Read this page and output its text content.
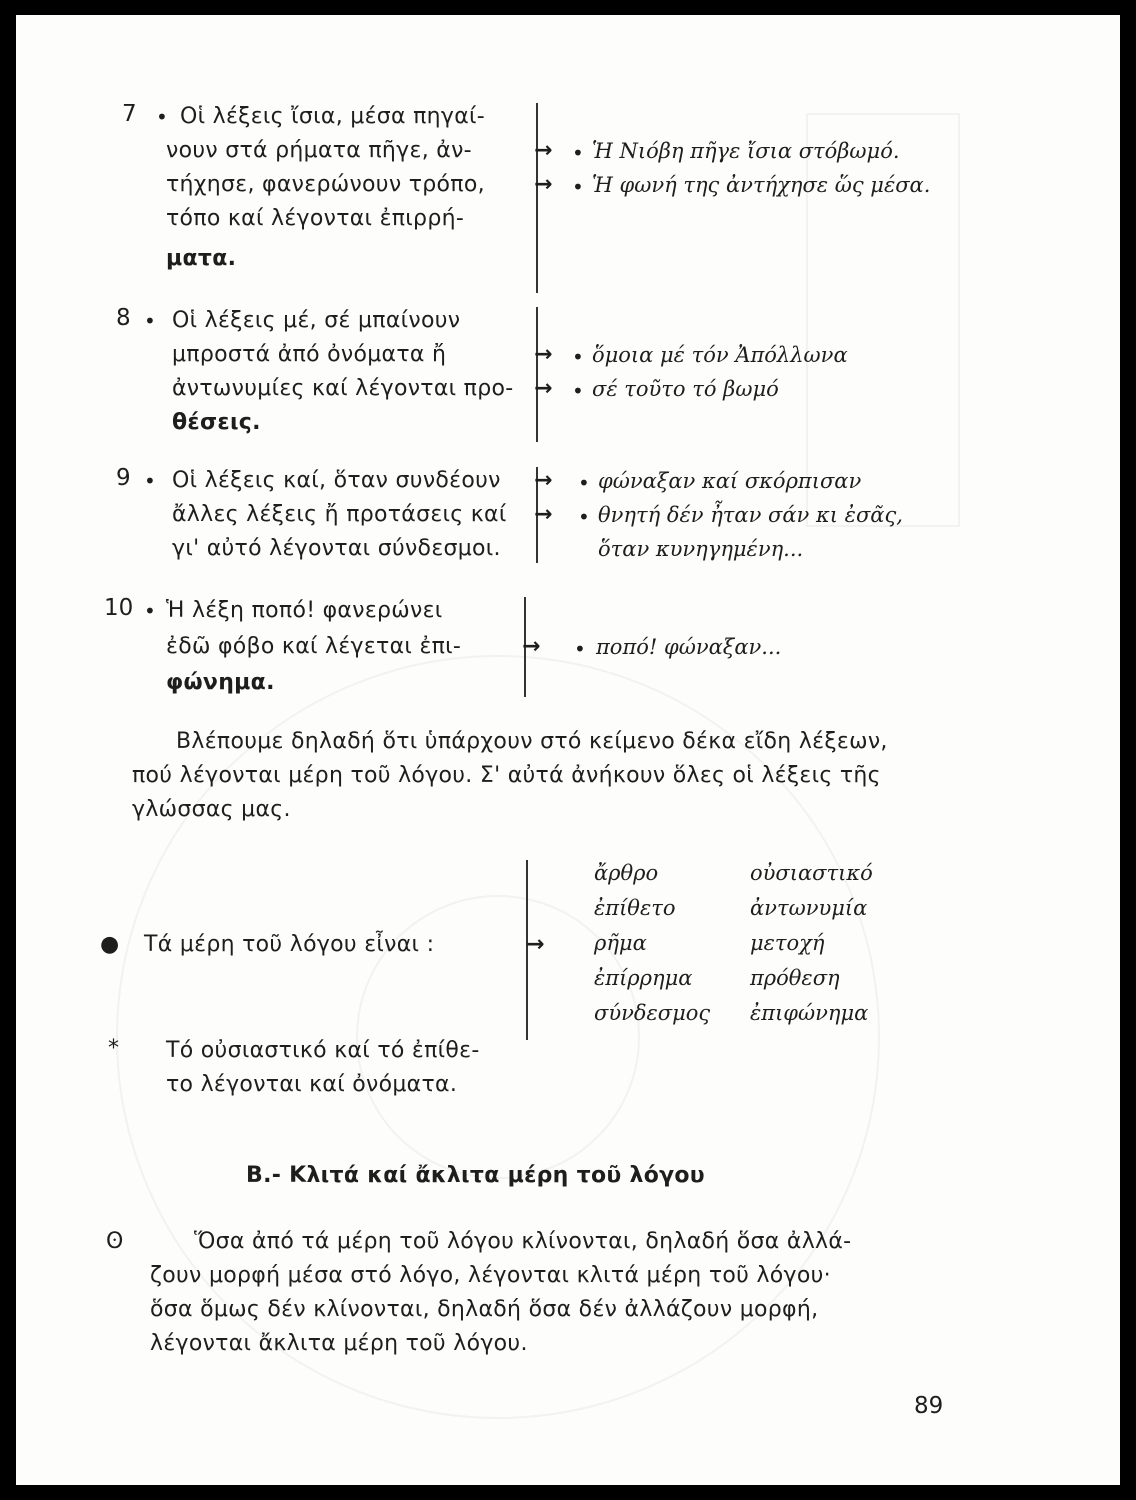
7 • Οἱ λέξεις ἴσια, μέσα πηγαί-
νουν στά ρήματα πῆγε, ἀν-
τήχησε, φανερώνουν τρόπο,
τόπο καί λέγονται ἐπιρρή-
ματα.
→ • Ἡ Νιόβη πῆγε ἴσια στόβωμό.
→ • Ἡ φωνή της ἀντήχησε ὥς μέσα.
8 • Οἱ λέξεις μέ, σέ μπαίνουν
μπροστά ἀπό ὀνόματα ἤ
ἀντωνυμίες καί λέγονται προ-
θέσεις.
→ • ὅμοια μέ τόν Ἀπόλλωνα
→ • σέ τοῦτο τό βωμό
9 • Οἱ λέξεις καί, ὅταν συνδέουν
ἄλλες λέξεις ἤ προτάσεις καί
γι' αὐτό λέγονται σύνδεσμοι.
→ • φώναξαν καί σκόρπισαν
→ • θνητή δέν ἦταν σάν κι ἐσᾶς,
ὅταν κυνηγημένη...
10 • Ἡ λέξη ποπό! φανερώνει
ἐδῶ φόβο καί λέγεται ἐπι-
φώνημα.
→ • ποπό! φώναξαν...
Βλέπουμε δηλαδή ὅτι ὑπάρχουν στό κείμενο δέκα εἴδη λέξεων,
πού λέγονται μέρη τοῦ λόγου. Σ' αὐτά ἀνήκουν ὅλες οἱ λέξεις τῆς
γλώσσας μας.
● Τά μέρη τοῦ λόγου εἶναι :	→
ἄρθρο
ἐπίθετο
ρῆμα
ἐπίρρημα
σύνδεσμος
οὐσιαστικό
ἀντωνυμία
μετοχή
πρόθεση
ἐπιφώνημα
* Τό οὐσιαστικό καί τό ἐπίθε-
το λέγονται καί ὀνόματα.
Β.- Κλιτά καί ἄκλιτα μέρη τοῦ λόγου
ʘ	Ὅσα ἀπό τά μέρη τοῦ λόγου κλίνονται, δηλαδή ὅσα ἀλλά-
ζουν μορφή μέσα στό λόγο, λέγονται κλιτά μέρη τοῦ λόγου·
ὅσα ὅμως δέν κλίνονται, δηλαδή ὅσα δέν ἀλλάζουν μορφή,
λέγονται ἄκλιτα μέρη τοῦ λόγου.
89
